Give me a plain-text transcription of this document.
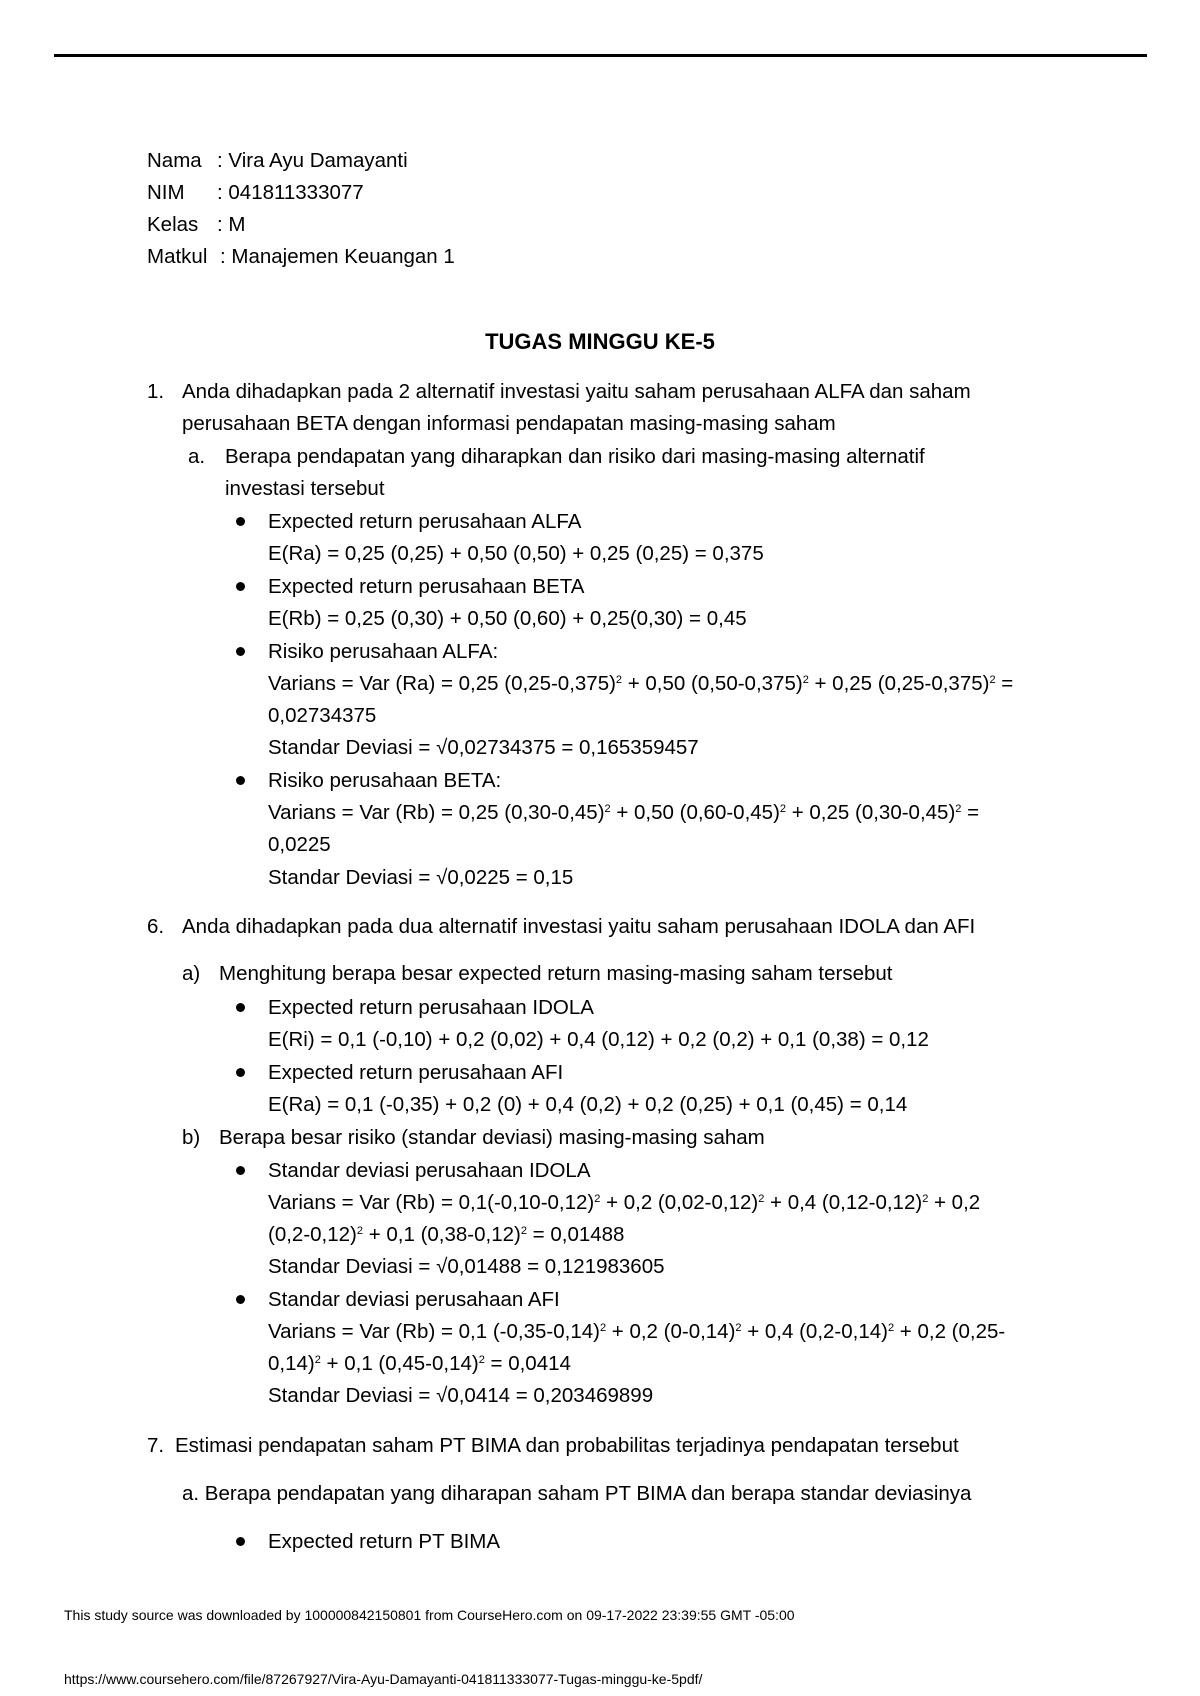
Nama : Vira Ayu Damayanti
NIM : 041811333077
Kelas : M
Matkul : Manajemen Keuangan 1
TUGAS MINGGU KE-5
1. Anda dihadapkan pada 2 alternatif investasi yaitu saham perusahaan ALFA dan saham
perusahaan BETA dengan informasi pendapatan masing-masing saham
a. Berapa pendapatan yang diharapkan dan risiko dari masing-masing alternatif
investasi tersebut
Expected return perusahaan ALFA
E(Ra) = 0,25 (0,25) + 0,50 (0,50) + 0,25 (0,25) = 0,375
Expected return perusahaan BETA
E(Rb) = 0,25 (0,30) + 0,50 (0,60) + 0,25(0,30) = 0,45
Risiko perusahaan ALFA:
Varians = Var (Ra) = 0,25 $(0,25-0,375)^2 + 0,50$ $(0,50-0,375)^2 + 0,25$ $(0,25-0,375)^2$ =
0,02734375
Standar Deviasi = √0,02734375 = 0,165359457
Risiko perusahaan BETA:
Varians = Var (Rb) = 0,25 $(0,30-0,45)^2 + 0,50$ $(0,60-0,45)^2 + 0,25$ $(0,30-0,45)^2$ =
0,0225
Standar Deviasi = √0,0225 = 0,15
6. Anda dihadapkan pada dua alternatif investasi yaitu saham perusahaan IDOLA dan AFI
a) Menghitung berapa besar expected return masing-masing saham tersebut
Expected return perusahaan IDOLA
E(Ri) = 0,1 (-0,10) + 0,2 (0,02) + 0,4 (0,12) + 0,2 (0,2) + 0,1 (0,38) = 0,12
Expected return perusahaan AFI
E(Ra) = 0,1 (-0,35) + 0,2 (0) + 0,4 (0,2) + 0,2 (0,25) + 0,1 (0,45) = 0,14
b) Berapa besar risiko (standar deviasi) masing-masing saham
Standar deviasi perusahaan IDOLA
Varians = Var $(Rb) = 0,1(-0,10-0,12)^2 + 0,2$ $(0,02-0,12)^2 + 0,4$ $(0,12-0,12)^2 + 0,2$
$(0,2-0,12)^2 + 0,1$ $(0,38-0,12)^2 = 0,01488$
Standar Deviasi = √0,01488 = 0,121983605
Standar deviasi perusahaan AFI
Varians = Var (Rb) = 0,1 $(-0,35-0,14)^2 + 0,2$ $(0-0,14)^2 + 0,4$ $(0,2-0,14)^2 + 0,2$ (0,25-
0,14)$^2$ + 0,1 $(0,45-0,14)^2 = 0,0414$
Standar Deviasi = √0,0414 = 0,203469899
7. Estimasi pendapatan saham PT BIMA dan probabilitas terjadinya pendapatan tersebut
a. Berapa pendapatan yang diharapan saham PT BIMA dan berapa standar deviasinya
Expected return PT BIMA
This study source was downloaded by 100000842150801 from CourseHero.com on 09-17-2022 23:39:55 GMT -05:00
https://www.coursehero.com/file/87267927/Vira-Ayu-Damayanti-041811333077-Tugas-minggu-ke-5pdf/
